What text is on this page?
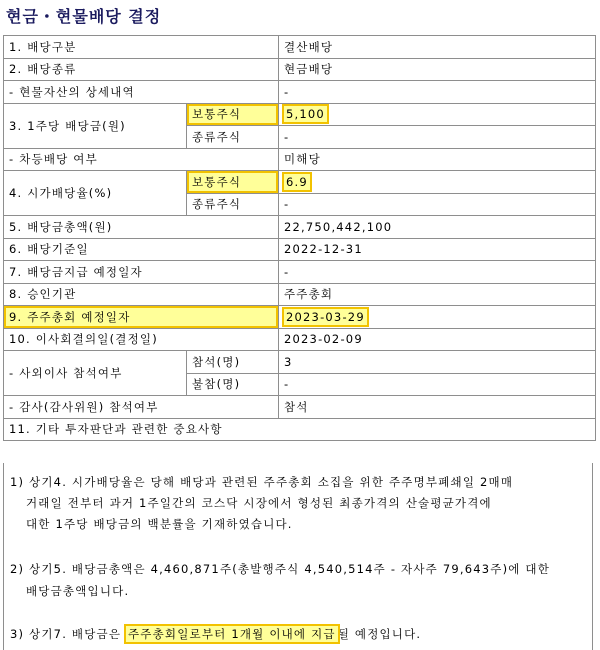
현금・현물배당 결정
1. 배당구분		결산배당
2. 배당종류		현금배당
- 현물자산의 상세내역		-
3. 1주당 배당금(원)	보통주식	5,100
	종류주식	-
- 차등배당 여부		미해당
4. 시가배당율(%)	보통주식	6.9
	종류주식	-
5. 배당금총액(원)		22,750,442,100
6. 배당기준일		2022-12-31
7. 배당금지급 예정일자		-
8. 승인기관		주주총회
9. 주주총회 예정일자		2023-03-29
10. 이사회결의일(결정일)		2023-02-09
- 사외이사 참석여부	참석(명)	3
	불참(명)	-
- 감사(감사위원) 참석여부		참석
11. 기타 투자판단과 관련한 중요사항		
1) 상기4. 시가배당율은 당해 배당과 관련된 주주총회 소집을 위한 주주명부폐쇄일 2매매
거래일 전부터 과거 1주일간의 코스닥 시장에서 형성된 최종가격의 산술평균가격에
대한 1주당 배당금의 백분률을 기재하였습니다.
2) 상기5. 배당금총액은 4,460,871주(총발행주식 4,540,514주 - 자사주 79,643주)에 대한
배당금총액입니다.
3) 상기7. 배당금은 주주총회일로부터 1개월 이내에 지급 될 예정입니다.
